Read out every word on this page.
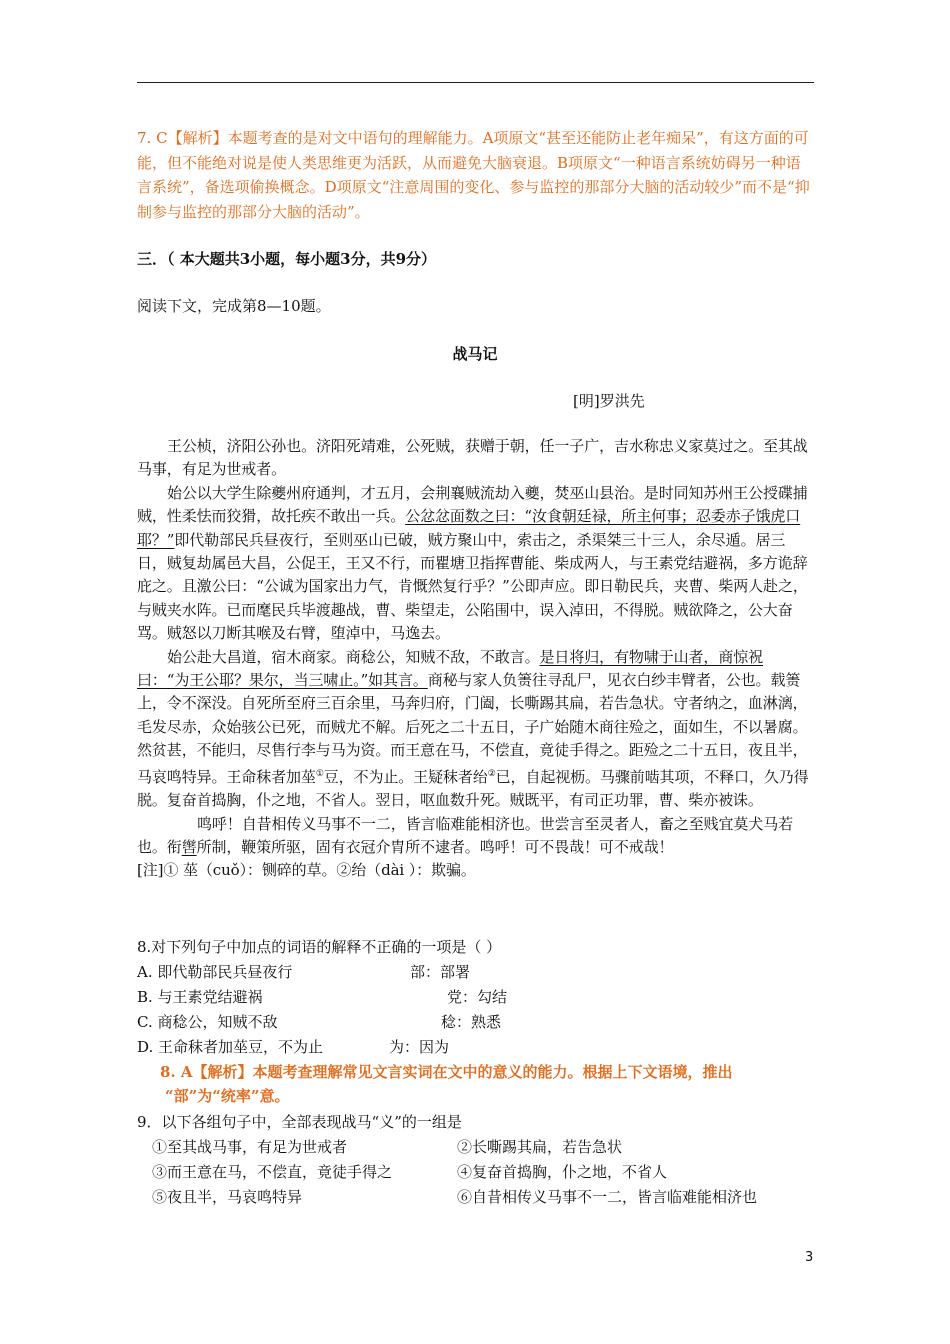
7. C【解析】本题考查的是对文中语句的理解能力。A项原文“甚至还能防止老年痴呆”，有这方面的可能，但不能绝对说是使人类思维更为活跃，从而避免大脑衰退。B项原文“一种语言系统妨碍另一种语言系统”，备选项偷换概念。D项原文“注意周围的变化、参与监控的那部分大脑的活动较少”而不是“抑制参与监控的那部分大脑的活动”。
三．（ 本大题共3小题，每小题3分，共9分）
阅读下文，完成第8—10题。
战马记
[明]罗洪先

王公桢，济阳公孙也。济阳死靖难，公死贼，获赠于朝，任一子广，吉水称忠义家莫过之。至其战马事，有足为世戒者。

始公以大学生除夔州府通判，才五月，会荆襄贼流劫入夔，焚巫山县治。是时同知苏州王公授碟捕贼，性柔怯而狡猾，故托疾不敢出一兵。公忿忿面数之曰：“汝食朝廷禄，所主何事；忍委赤子饿虎口耶？”即代勒部民兵昼夜行，至则巫山已破，贼方聚山中，索击之，杀渠桀三十三人，余尽遁。居三日，贼复劫属邑大昌，公促王，王又不行，而瞿塘卫指挥曹能、柴成两人，与王素党结避祸，多方诡辞庇之。且激公曰：“公诚为国家出力气，肯慨然复行乎？”公即声应。即日勒民兵，夹曹、柴两人赴之，与贼夹水阵。已而麾民兵毕渡趣战，曹、柴望走，公陷围中，误入淖田，不得脱。贼欲降之，公大奋骂。贼怒以刀断其喉及右臂，堕淖中，马逸去。

始公赴大昌道，宿木商家。商稔公，知贼不敌，不敢言。是日将归，有物啸于山者，商惊祝曰：“为王公耶？果尔，当三啸止。”如其言。商秘与家人负箦往寻乱尸，见衣白纱丰臂者，公也。载箦上，令不深没。自死所至府三百余里，马奔归府，门阖，长嘶踢其扁，若告急状。守者纳之，血淋漓，毛发尽赤，众始骇公已死，而贼尤不解。后死之二十五日，子广始随木商往殓之，面如生，不以暑腐。然贫甚，不能归，尽售行李与马为资。而王意在马，不偿直，竟徒手得之。距殓之二十五日，夜且半，马哀鸣特异。王命秣者加莝①豆，不为止。王疑秣者绐②已，自起视枥。马骤前啮其项，不释口，久乃得脱。复奋首捣胸，仆之地，不省人。翌日，呕血数升死。贼既平，有司正功罪，曹、柴亦被诛。

鸣呼！自昔相传义马事不一二，皆言临难能相济也。世尝言至灵者人，畜之至贱宜莫犬马若也。衔辔所制，鞭策所驱，固有衣冠介胄所不逮者。鸣呼！可不畏哉！可不戒哉！

[注]① 莝（cuǒ）：铡碎的草。②绐（dài ）：欺骗。

8.对下列句子中加点的词语的解释不正确的一项是（ ）
A. 即代勒部民兵昼夜行	部：部署
B. 与王素党结避祸	党：勾结
C. 商稔公，知贼不敌	稔：熟悉
D. 王命秣者加莝豆，不为止	为：因为
8. A【解析】本题考查理解常见文言实词在文中的意义的能力。根据上下文语境，推出
“部”为“统率”意。
9．以下各组句子中，全部表现战马“义”的一组是
①至其战马事，有足为世戒者	②长嘶踢其扁，若告急状
③而王意在马，不偿直，竟徒手得之	④复奋首捣胸，仆之地，不省人
⑤夜且半，马哀鸣特异	⑥自昔相传义马事不一二，皆言临难能相济也
3
